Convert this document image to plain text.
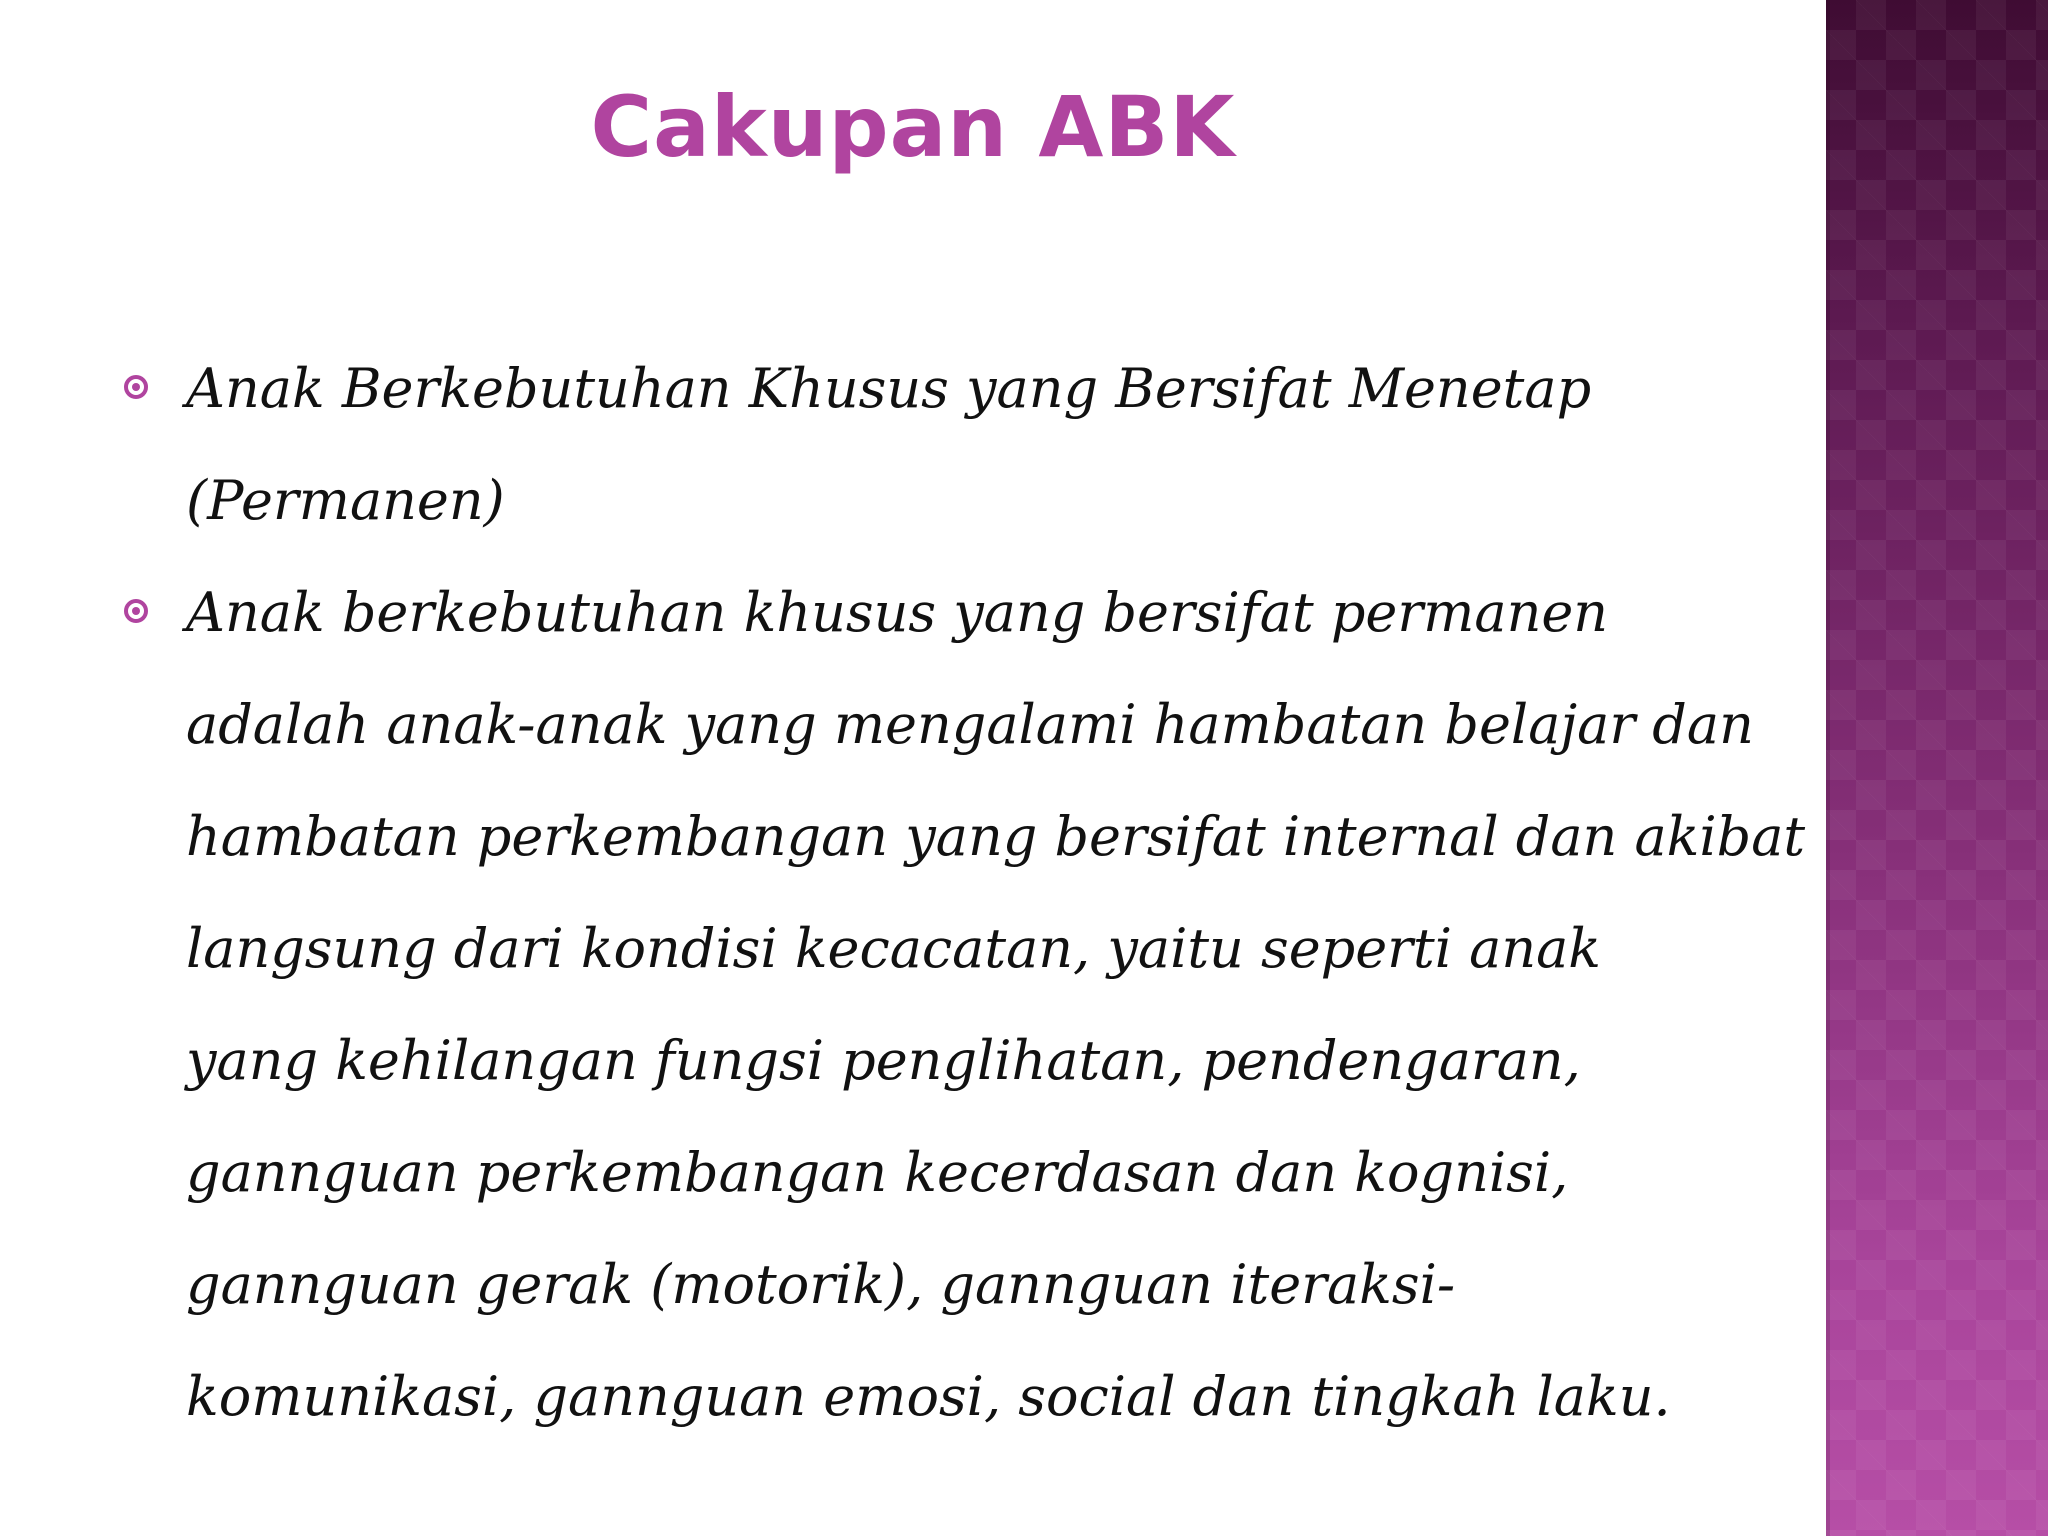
Cakupan ABK
Anak Berkebutuhan Khusus yang Bersifat Menetap
(Permanen)
Anak berkebutuhan khusus yang bersifat permanen
adalah anak-anak yang mengalami hambatan belajar dan
hambatan perkembangan yang bersifat internal dan akibat
langsung dari kondisi kecacatan, yaitu seperti anak
yang kehilangan fungsi penglihatan, pendengaran,
gannguan perkembangan kecerdasan dan kognisi,
gannguan gerak (motorik), gannguan iteraksi-
komunikasi, gannguan emosi, social dan tingkah laku.
